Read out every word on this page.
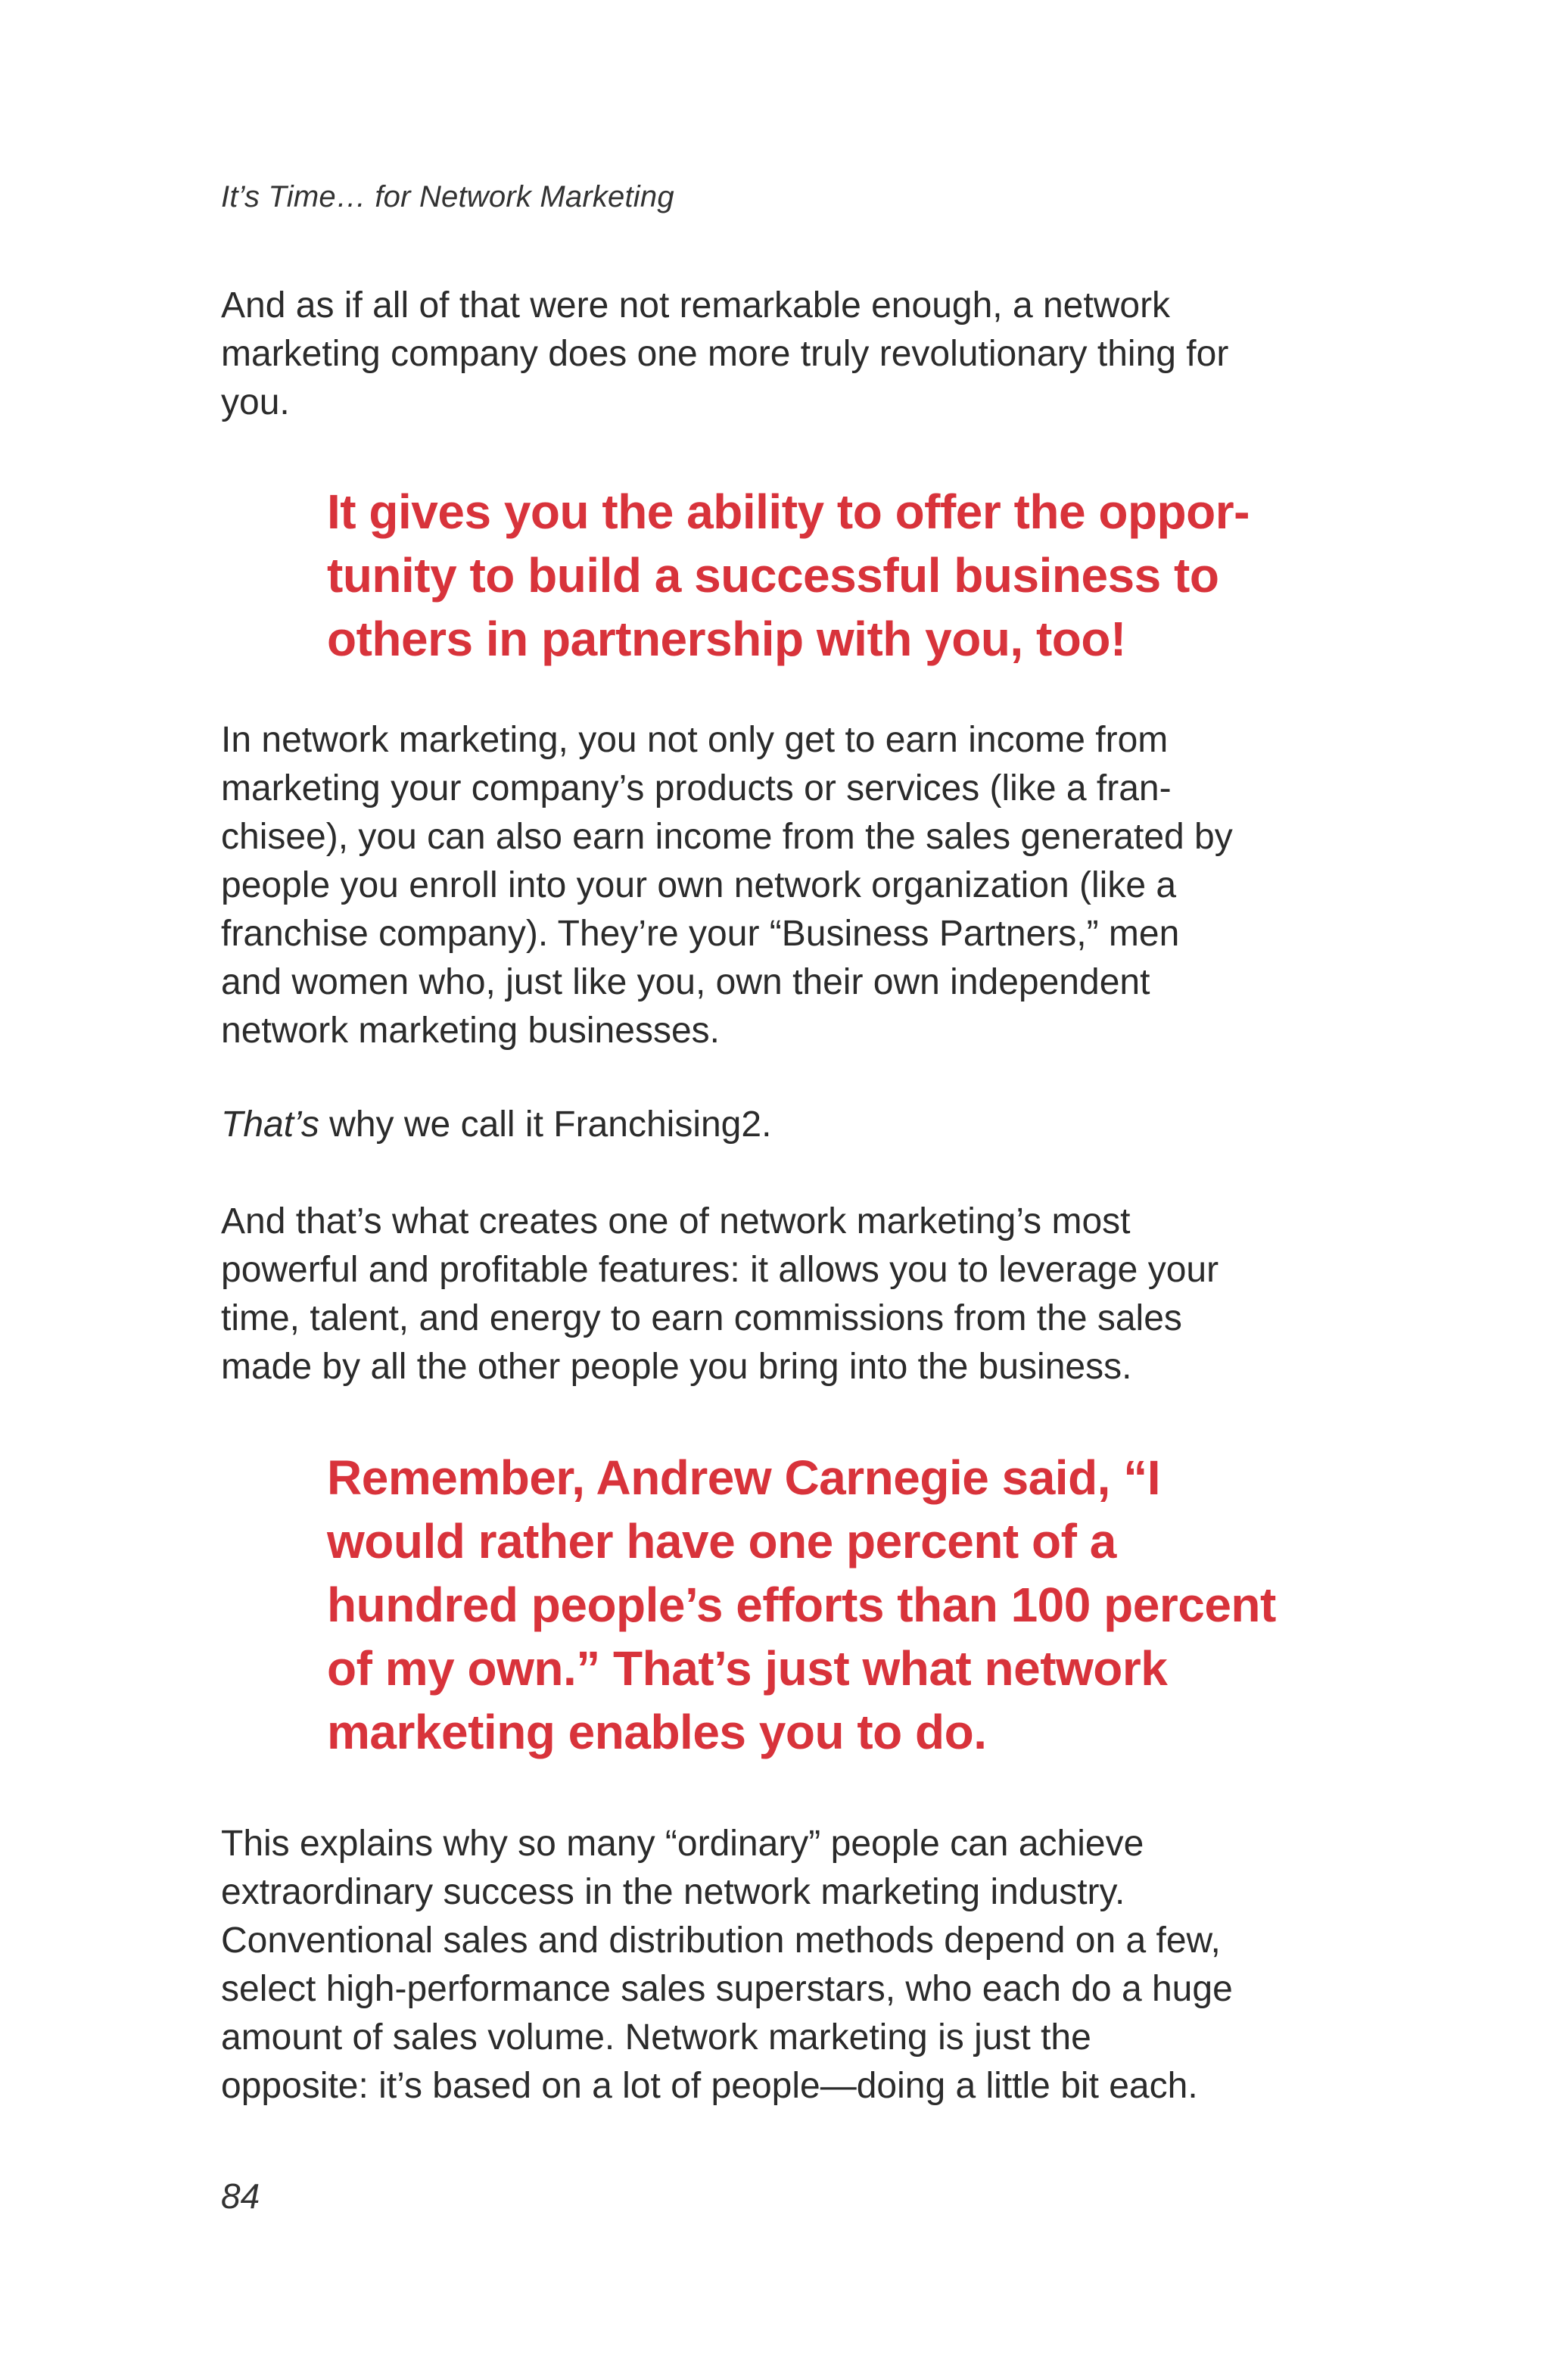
It’s Time… for Network Marketing

And as if all of that were not remarkable enough, a network
marketing company does one more truly revolutionary thing for
you.

It gives you the ability to offer the oppor-
tunity to build a successful business to
others in partnership with you, too!

In network marketing, you not only get to earn income from
marketing your company’s products or services (like a fran-
chisee), you can also earn income from the sales generated by
people you enroll into your own network organization (like a
franchise company). They’re your “Business Partners,” men
and women who, just like you, own their own independent
network marketing businesses.

That’s why we call it Franchising2.

And that’s what creates one of network marketing’s most
powerful and profitable features: it allows you to leverage your
time, talent, and energy to earn commissions from the sales
made by all the other people you bring into the business.

Remember, Andrew Carnegie said, “I
would rather have one percent of a
hundred people’s efforts than 100 percent
of my own.” That’s just what network
marketing enables you to do.

This explains why so many “ordinary” people can achieve
extraordinary success in the network marketing industry.
Conventional sales and distribution methods depend on a few,
select high-performance sales superstars, who each do a huge
amount of sales volume. Network marketing is just the
opposite: it’s based on a lot of people—doing a little bit each.

84
